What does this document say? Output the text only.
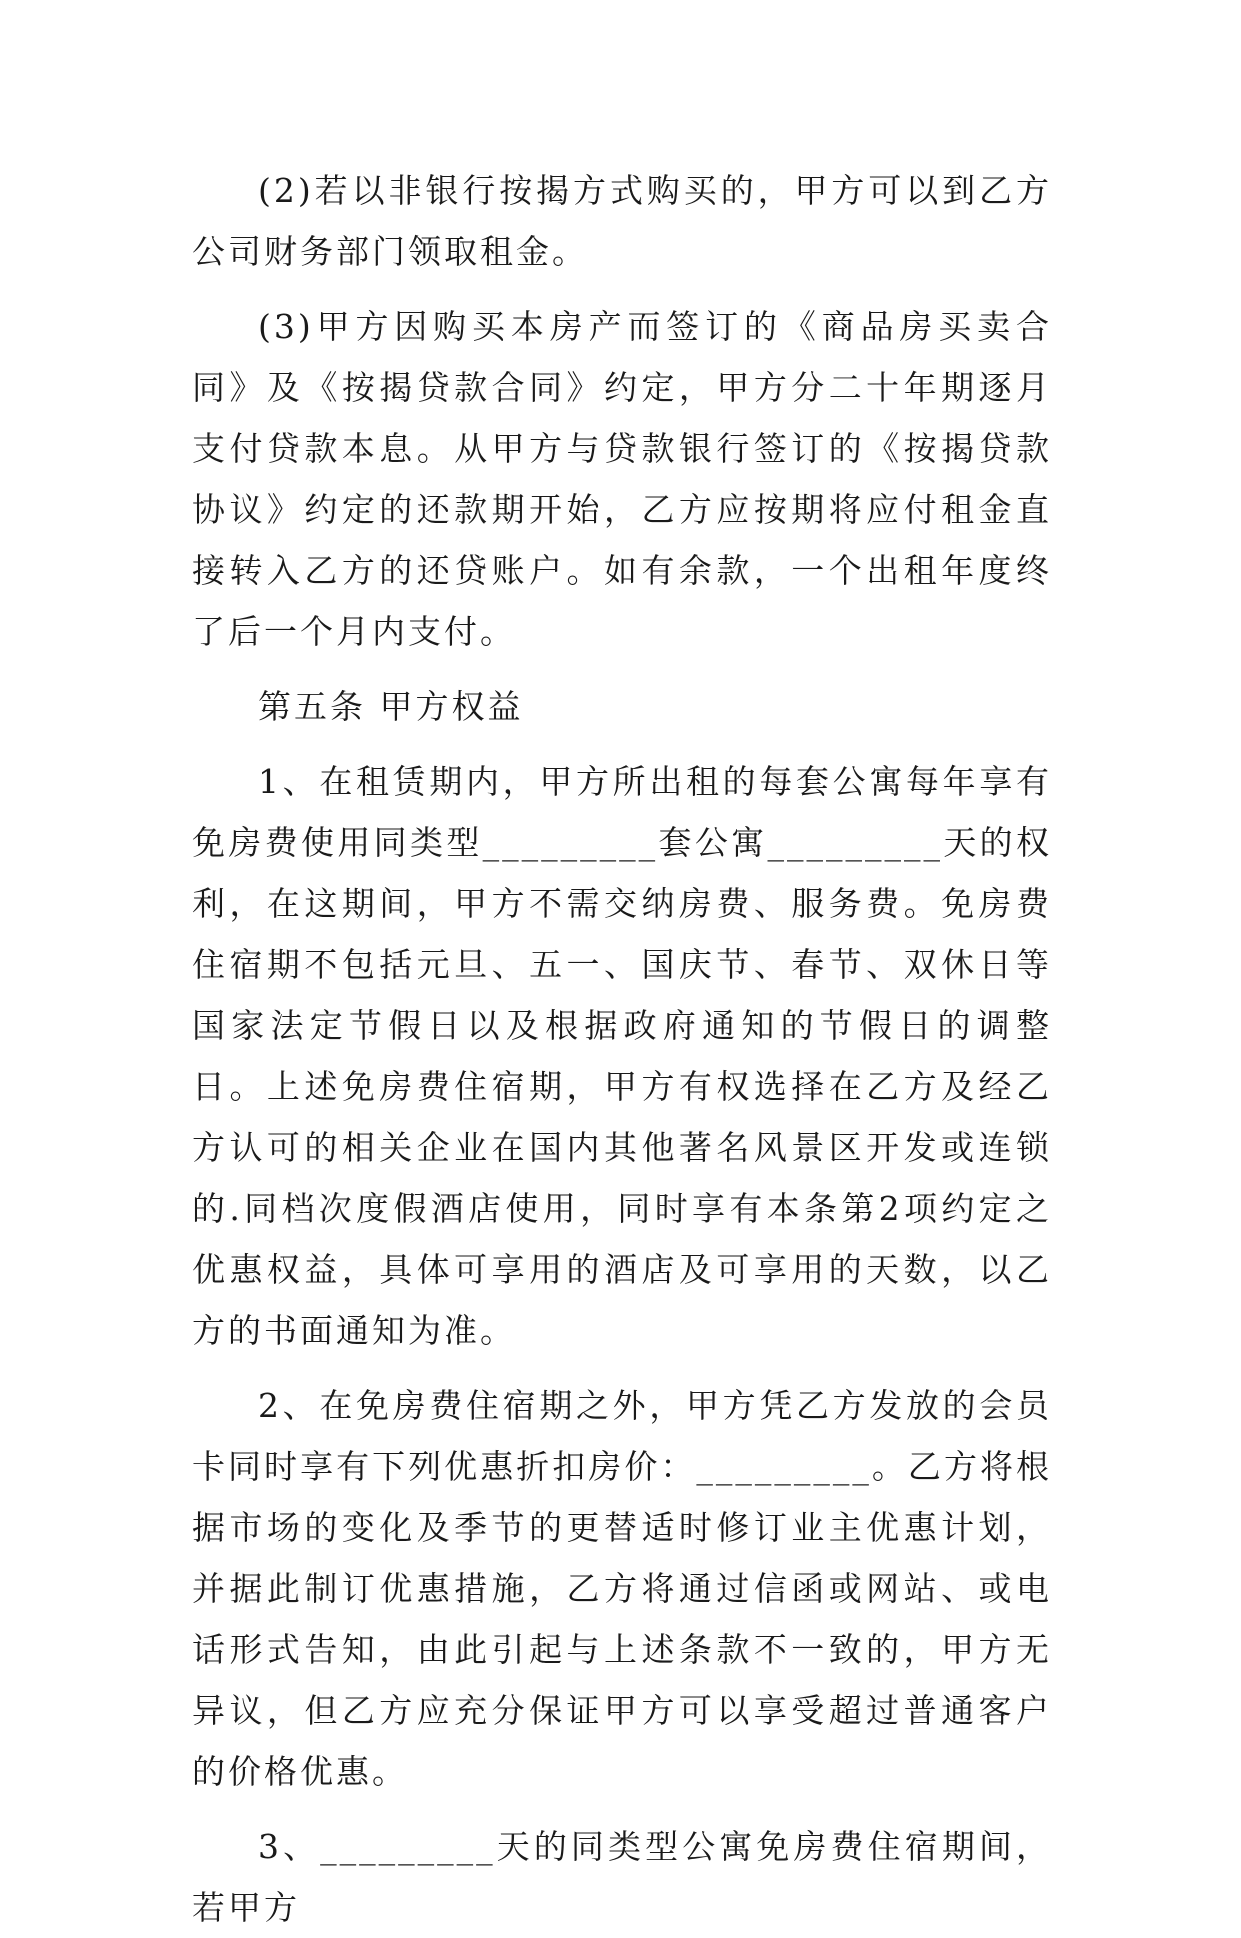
(2)若以非银行按揭方式购买的，甲方可以到乙方公司财务部门领取租金。

(3)甲方因购买本房产而签订的《商品房买卖合同》及《按揭贷款合同》约定，甲方分二十年期逐月支付贷款本息。从甲方与贷款银行签订的《按揭贷款协议》约定的还款期开始，乙方应按期将应付租金直接转入乙方的还贷账户。如有余款，一个出租年度终了后一个月内支付。

第五条 甲方权益

1、在租赁期内，甲方所出租的每套公寓每年享有免房费使用同类型_________套公寓_________天的权利，在这期间，甲方不需交纳房费、服务费。免房费住宿期不包括元旦、五一、国庆节、春节、双休日等国家法定节假日以及根据政府通知的节假日的调整日。上述免房费住宿期，甲方有权选择在乙方及经乙方认可的相关企业在国内其他著名风景区开发或连锁的.同档次度假酒店使用，同时享有本条第2项约定之优惠权益，具体可享用的酒店及可享用的天数，以乙方的书面通知为准。

2、在免房费住宿期之外，甲方凭乙方发放的会员卡同时享有下列优惠折扣房价：_________。乙方将根据市场的变化及季节的更替适时修订业主优惠计划，并据此制订优惠措施，乙方将通过信函或网站、或电话形式告知，由此引起与上述条款不一致的，甲方无异议，但乙方应充分保证甲方可以享受超过普通客户的价格优惠。

3、_________天的同类型公寓免房费住宿期间，若甲方
